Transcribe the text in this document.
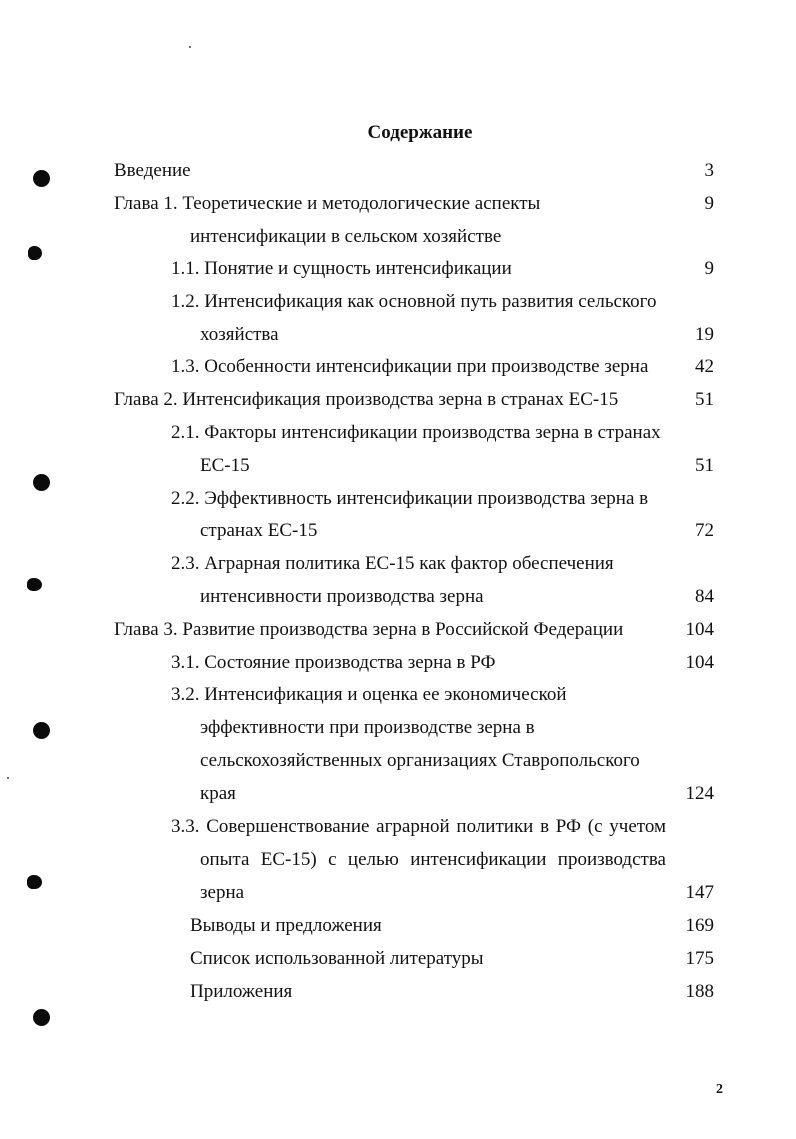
Содержание
Введение	3
Глава 1. Теоретические и методологические аспекты	9
интенсификации в сельском хозяйстве
1.1. Понятие и сущность интенсификации	9
1.2. Интенсификация как основной путь развития сельского
хозяйства	19
1.3. Особенности интенсификации при производстве зерна 42
Глава 2. Интенсификация производства зерна в странах ЕС-15	51
2.1. Факторы интенсификации производства зерна в странах
ЕС-15	51
2.2. Эффективность интенсификации производства зерна в
странах ЕС-15	72
2.3. Аграрная политика ЕС-15 как фактор обеспечения
интенсивности производства зерна	84
Глава 3. Развитие производства зерна в Российской Федерации	104
3.1. Состояние производства зерна в РФ	104
3.2. Интенсификация и оценка ее экономической
эффективности при производстве зерна в
сельскохозяйственных организациях Ставропольского
края	124
3.3. Совершенствование аграрной политики в РФ (с учетом
опыта ЕС-15) с целью интенсификации производства
зерна	147
Выводы и предложения	169
Список использованной литературы	175
Приложения	188
2
